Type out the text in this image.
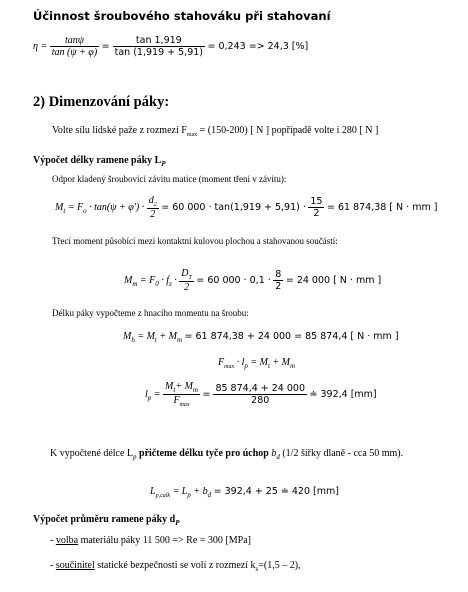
Účinnost šroubového stahováku při stahovaní
$\eta = \frac{\tan\psi}{\tan (\psi + \varphi)} = \frac{\tan 1,919}{\tan (1,919 + 5,91)} = 0,243 => 24,3$ [%]
2) Dimenzování páky:
Volte sílu lidské paže z rozmezí $F_{max} = (150-200)$ [ N ] popřípadě volte i 280 [ N ]
Výpočet délky ramene páky $L_P$
Odpor kladený šroubovicí závitu matice (moment tření v závitu):
$M_t = F_o \cdot \tan(\psi + \varphi') \cdot \frac{d_2}{2} = 60$ $000 \cdot \tan(1,919 + 5,91) \cdot \frac{15}{2} = 61$ 874,38 [ N · mm ]
Třecí moment působící mezi kontaktní kulovou plochou a stahovanou součástí:
$M_m = F_0 \cdot f_z \cdot \frac{D_T}{2} = 60$ $000 \cdot 0,1 \cdot \frac{8}{2} = 24$ 000 [ N · mm ]
Délku páky vypočteme z hnacího momentu na šroubu:
$M_h = M_t + M_m = 61$ 874,38 + 24 000 = 85 874,4 [ N · mm ]
$F_{max} \cdot l_p = M_t + M_m$
$l_p = \frac{M_t+ M_m}{F_{max}} = \frac{85 874,4 + 24 000}{280}$ ≐ 392,4 [mm]
K vypočtené délce $L_p$ přičteme délku tyče pro úchop $b_d$ (1/2 šířky dlaně - cca 50 mm).
$L_{p,calk} = L_p + b_d = 392,4 + 25$ ≐ 420 [mm]
Výpočet průměru ramene páky $d_P$
- volba materiálu páky 11 500 => Re = 300 [MPa]
- součinitel statické bezpečnosti se volí z rozmezí $k_s=(1,5 - 2)$,
